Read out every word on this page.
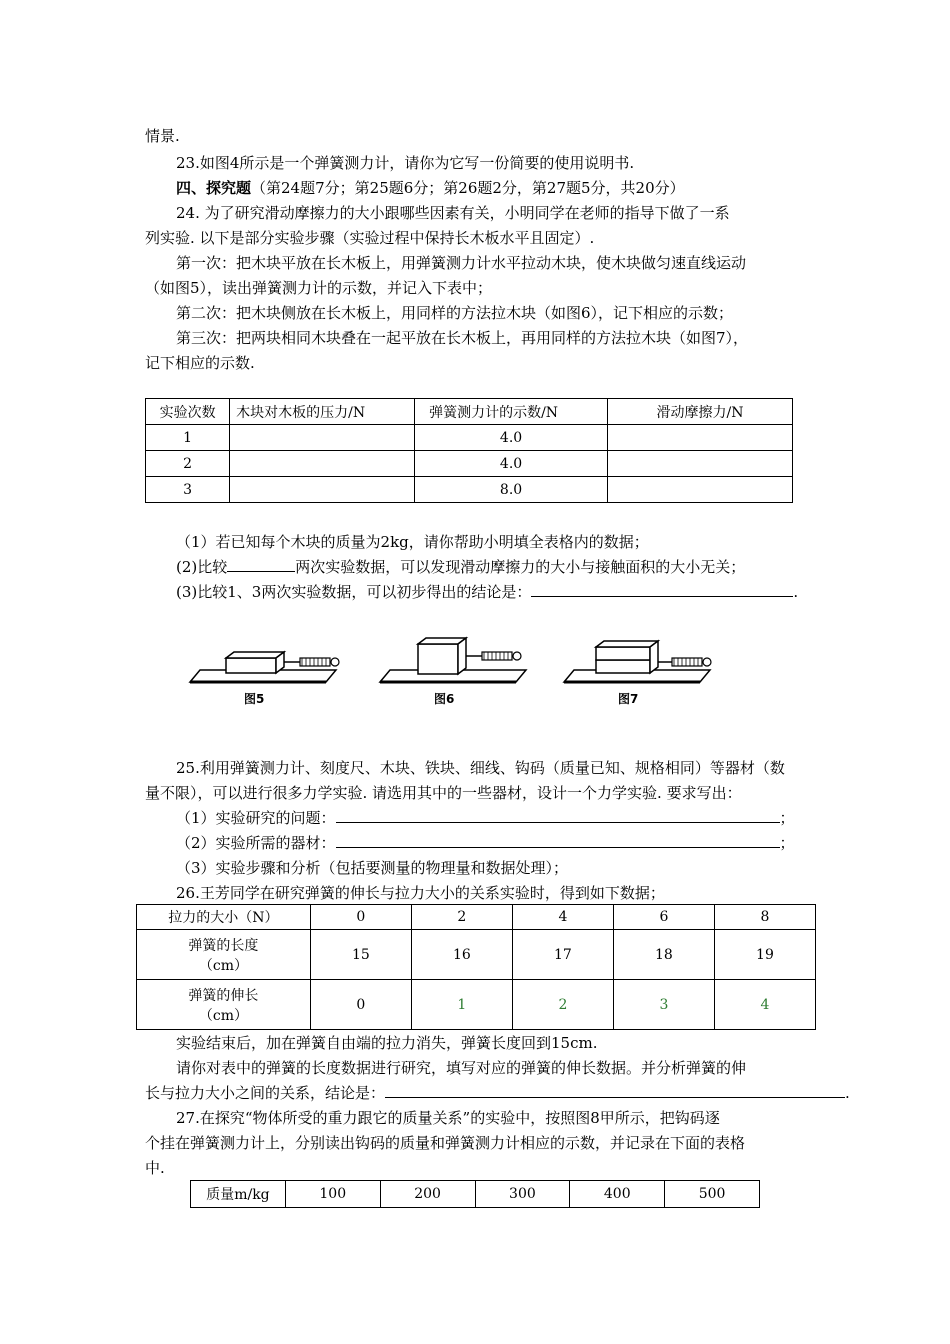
情景.
23.如图4所示是一个弹簧测力计，请你为它写一份简要的使用说明书.
四、探究题（第24题7分；第25题6分；第26题2分，第27题5分，共20分）
24. 为了研究滑动摩擦力的大小跟哪些因素有关，小明同学在老师的指导下做了一系
列实验. 以下是部分实验步骤（实验过程中保持长木板水平且固定）.
第一次：把木块平放在长木板上，用弹簧测力计水平拉动木块，使木块做匀速直线运动
（如图5），读出弹簧测力计的示数，并记入下表中；
第二次：把木块侧放在长木板上，用同样的方法拉木块（如图6），记下相应的示数；
第三次：把两块相同木块叠在一起平放在长木板上，再用同样的方法拉木块（如图7），
记下相应的示数.
实验次数	木块对木板的压力/N	弹簧测力计的示数/N	滑动摩擦力/N
1		4.0	
2		4.0	
3		8.0	
（1）若已知每个木块的质量为2kg，请你帮助小明填全表格内的数据；
(2)比较	两次实验数据，可以发现滑动摩擦力的大小与接触面积的大小无关；
(3)比较1、3两次实验数据，可以初步得出的结论是：	.
图5	图6	图7
25.利用弹簧测力计、刻度尺、木块、铁块、细线、钩码（质量已知、规格相同）等器材（数
量不限），可以进行很多力学实验. 请选用其中的一些器材，设计一个力学实验. 要求写出：
（1）实验研究的问题：	；
（2）实验所需的器材：	；
（3）实验步骤和分析（包括要测量的物理量和数据处理）；
26.王芳同学在研究弹簧的伸长与拉力大小的关系实验时，得到如下数据；
拉力的大小（N）	0	2	4	6	8

弹簧的长度
（cm）	15	16	17	18	19

弹簧的伸长
（cm）	0	1	2	3	4
实验结束后，加在弹簧自由端的拉力消失，弹簧长度回到15cm.
请你对表中的弹簧的长度数据进行研究，填写对应的弹簧的伸长数据。并分析弹簧的伸
长与拉力大小之间的关系，结论是：	.
27.在探究“物体所受的重力跟它的质量关系”的实验中，按照图8甲所示，把钩码逐
个挂在弹簧测力计上，分别读出钩码的质量和弹簧测力计相应的示数，并记录在下面的表格
中.
质量m/kg	100	200	300	400	500
